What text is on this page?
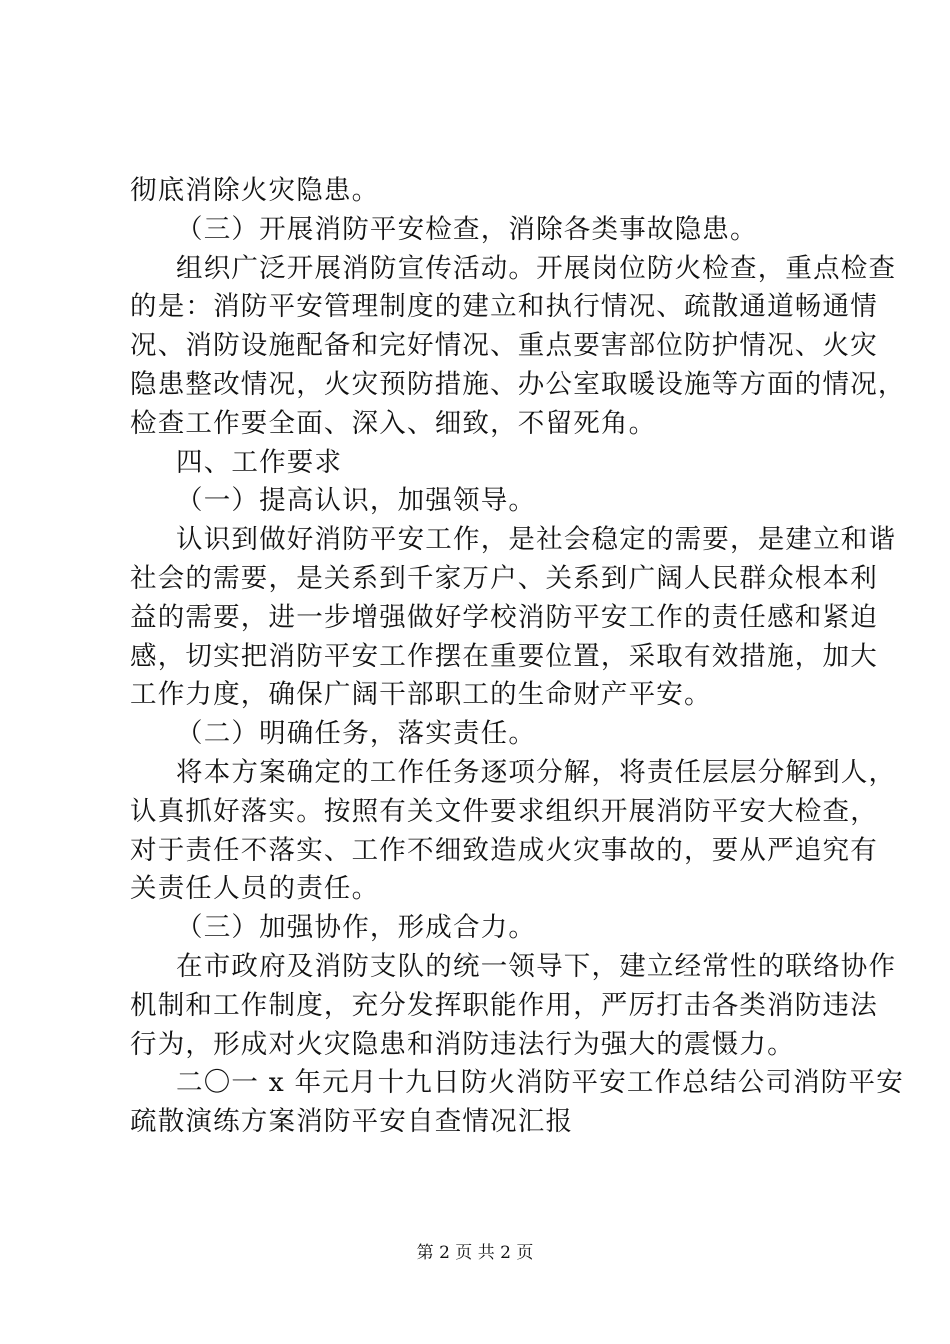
彻底消除火灾隐患。
（三）开展消防平安检查，消除各类事故隐患。
组织广泛开展消防宣传活动。开展岗位防火检查，重点检查
的是：消防平安管理制度的建立和执行情况、疏散通道畅通情
况、消防设施配备和完好情况、重点要害部位防护情况、火灾
隐患整改情况，火灾预防措施、办公室取暖设施等方面的情况，
检查工作要全面、深入、细致，不留死角。
四、工作要求
（一）提高认识，加强领导。
认识到做好消防平安工作，是社会稳定的需要，是建立和谐
社会的需要，是关系到千家万户、关系到广阔人民群众根本利
益的需要，进一步增强做好学校消防平安工作的责任感和紧迫
感，切实把消防平安工作摆在重要位置，采取有效措施，加大
工作力度，确保广阔干部职工的生命财产平安。
（二）明确任务，落实责任。
将本方案确定的工作任务逐项分解，将责任层层分解到人，
认真抓好落实。按照有关文件要求组织开展消防平安大检查，
对于责任不落实、工作不细致造成火灾事故的，要从严追究有
关责任人员的责任。
（三）加强协作，形成合力。
在市政府及消防支队的统一领导下，建立经常性的联络协作
机制和工作制度，充分发挥职能作用，严厉打击各类消防违法
行为，形成对火灾隐患和消防违法行为强大的震慑力。
二〇一 x 年元月十九日防火消防平安工作总结公司消防平安
疏散演练方案消防平安自查情况汇报
第 2 页 共 2 页
